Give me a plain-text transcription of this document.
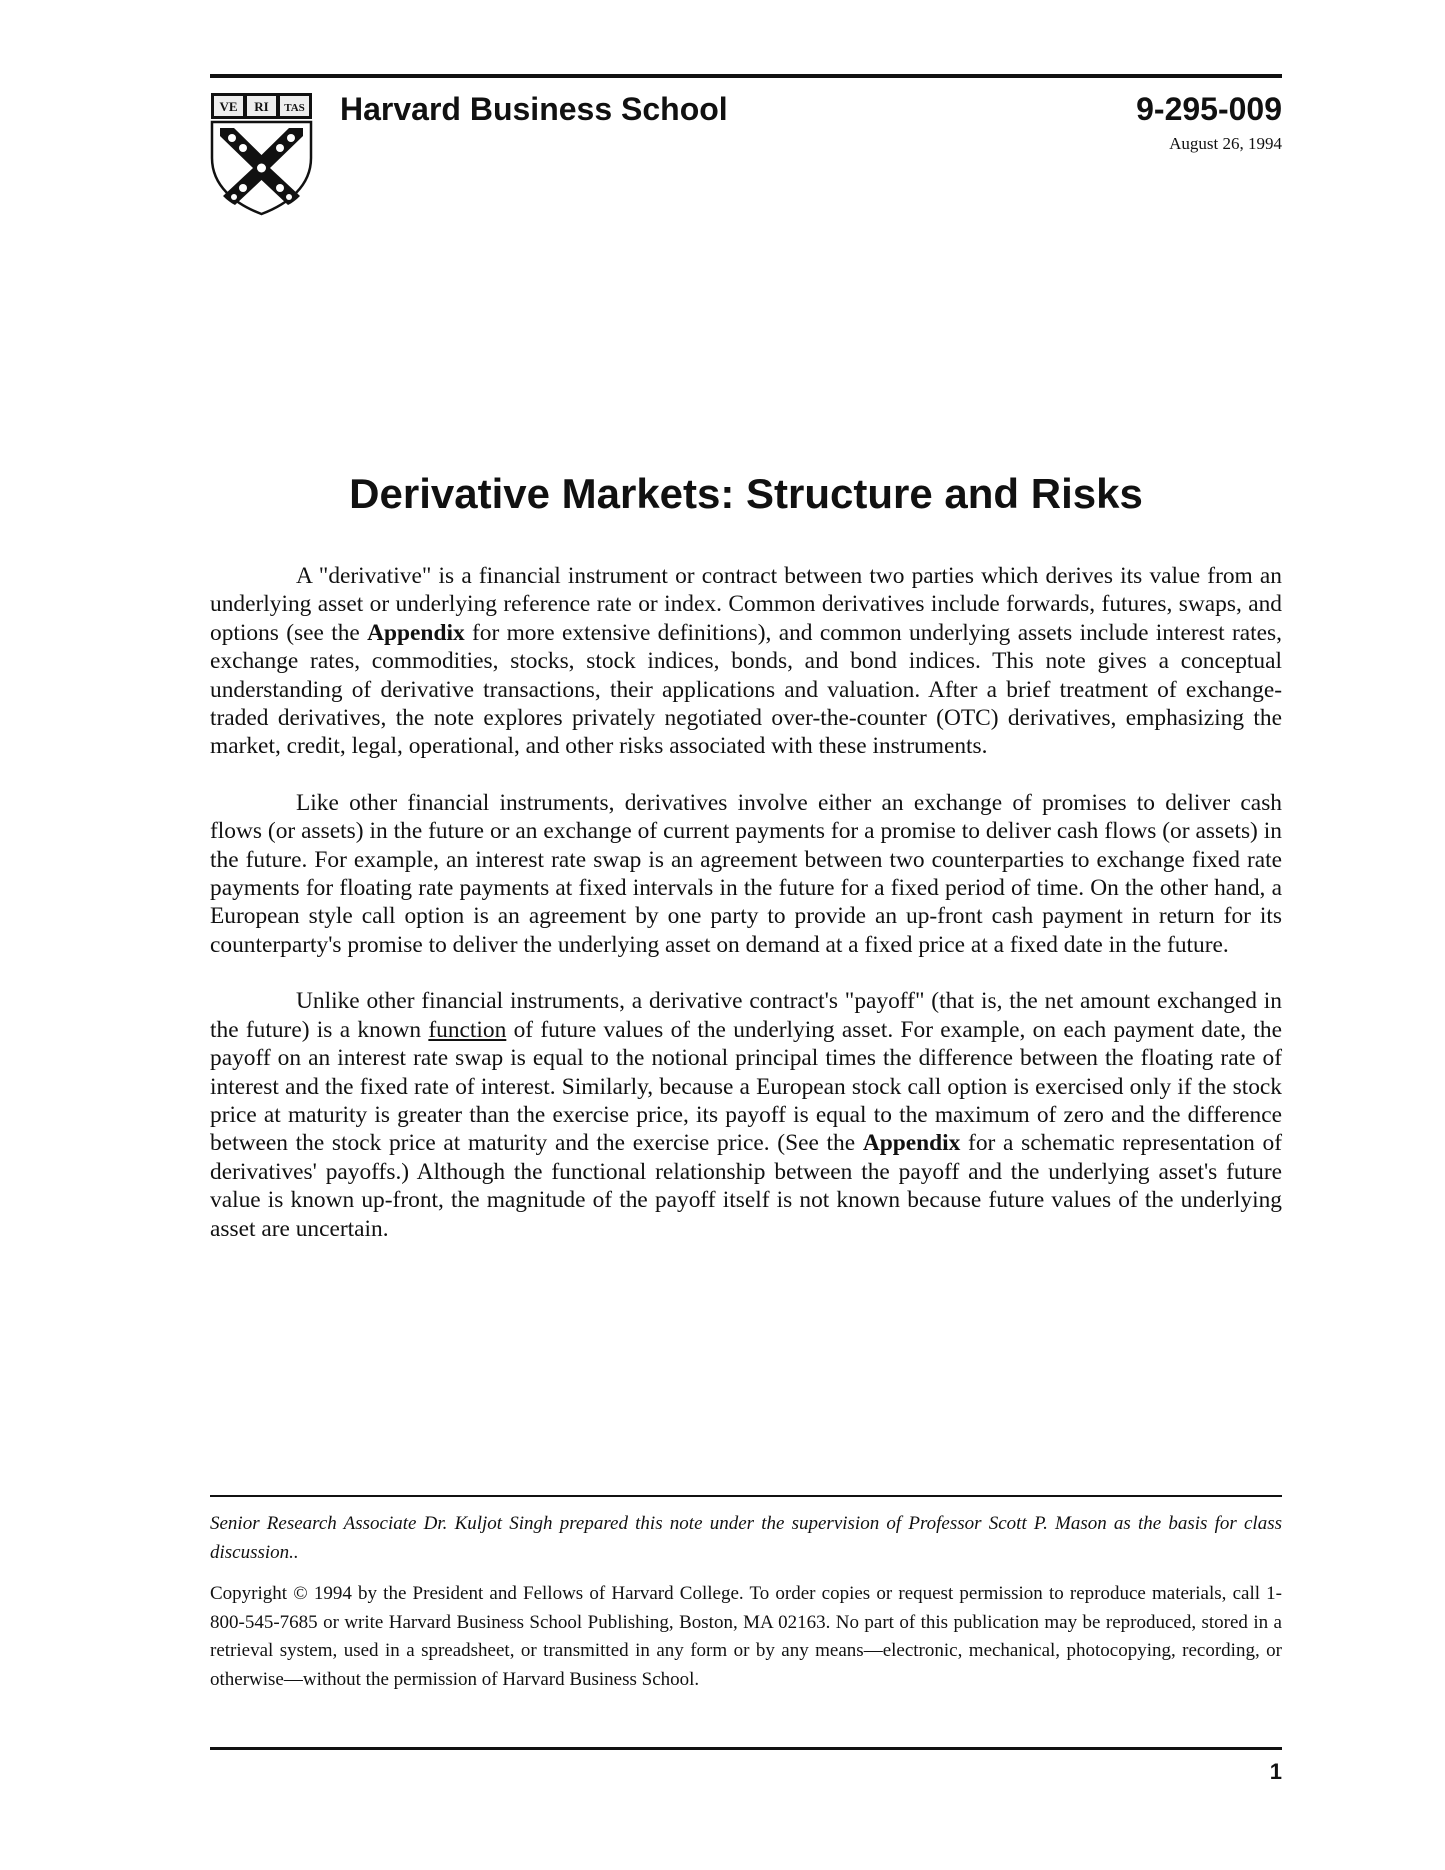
VE RI TAS Harvard Business School	9-295-009
August 26, 1994
Derivative Markets: Structure and Risks

A "derivative" is a financial instrument or contract between two parties which derives its value from an underlying asset or underlying reference rate or index. Common derivatives include forwards, futures, swaps, and options (see the Appendix for more extensive definitions), and common underlying assets include interest rates, exchange rates, commodities, stocks, stock indices, bonds, and bond indices. This note gives a conceptual understanding of derivative transactions, their applications and valuation. After a brief treatment of exchange-traded derivatives, the note explores privately negotiated over-the-counter (OTC) derivatives, emphasizing the market, credit, legal, operational, and other risks associated with these instruments.

Like other financial instruments, derivatives involve either an exchange of promises to deliver cash flows (or assets) in the future or an exchange of current payments for a promise to deliver cash flows (or assets) in the future. For example, an interest rate swap is an agreement between two counterparties to exchange fixed rate payments for floating rate payments at fixed intervals in the future for a fixed period of time. On the other hand, a European style call option is an agreement by one party to provide an up-front cash payment in return for its counterparty's promise to deliver the underlying asset on demand at a fixed price at a fixed date in the future.

Unlike other financial instruments, a derivative contract's "payoff" (that is, the net amount exchanged in the future) is a known function of future values of the underlying asset. For example, on each payment date, the payoff on an interest rate swap is equal to the notional principal times the difference between the floating rate of interest and the fixed rate of interest. Similarly, because a European stock call option is exercised only if the stock price at maturity is greater than the exercise price, its payoff is equal to the maximum of zero and the difference between the stock price at maturity and the exercise price. (See the Appendix for a schematic representation of derivatives' payoffs.) Although the functional relationship between the payoff and the underlying asset's future value is known up-front, the magnitude of the payoff itself is not known because future values of the underlying asset are uncertain.

Senior Research Associate Dr. Kuljot Singh prepared this note under the supervision of Professor Scott P. Mason as the basis for class discussion..
Copyright © 1994 by the President and Fellows of Harvard College. To order copies or request permission to reproduce materials, call 1-800-545-7685 or write Harvard Business School Publishing, Boston, MA 02163. No part of this publication may be reproduced, stored in a retrieval system, used in a spreadsheet, or transmitted in any form or by any means—electronic, mechanical, photocopying, recording, or otherwise—without the permission of Harvard Business School.
1
